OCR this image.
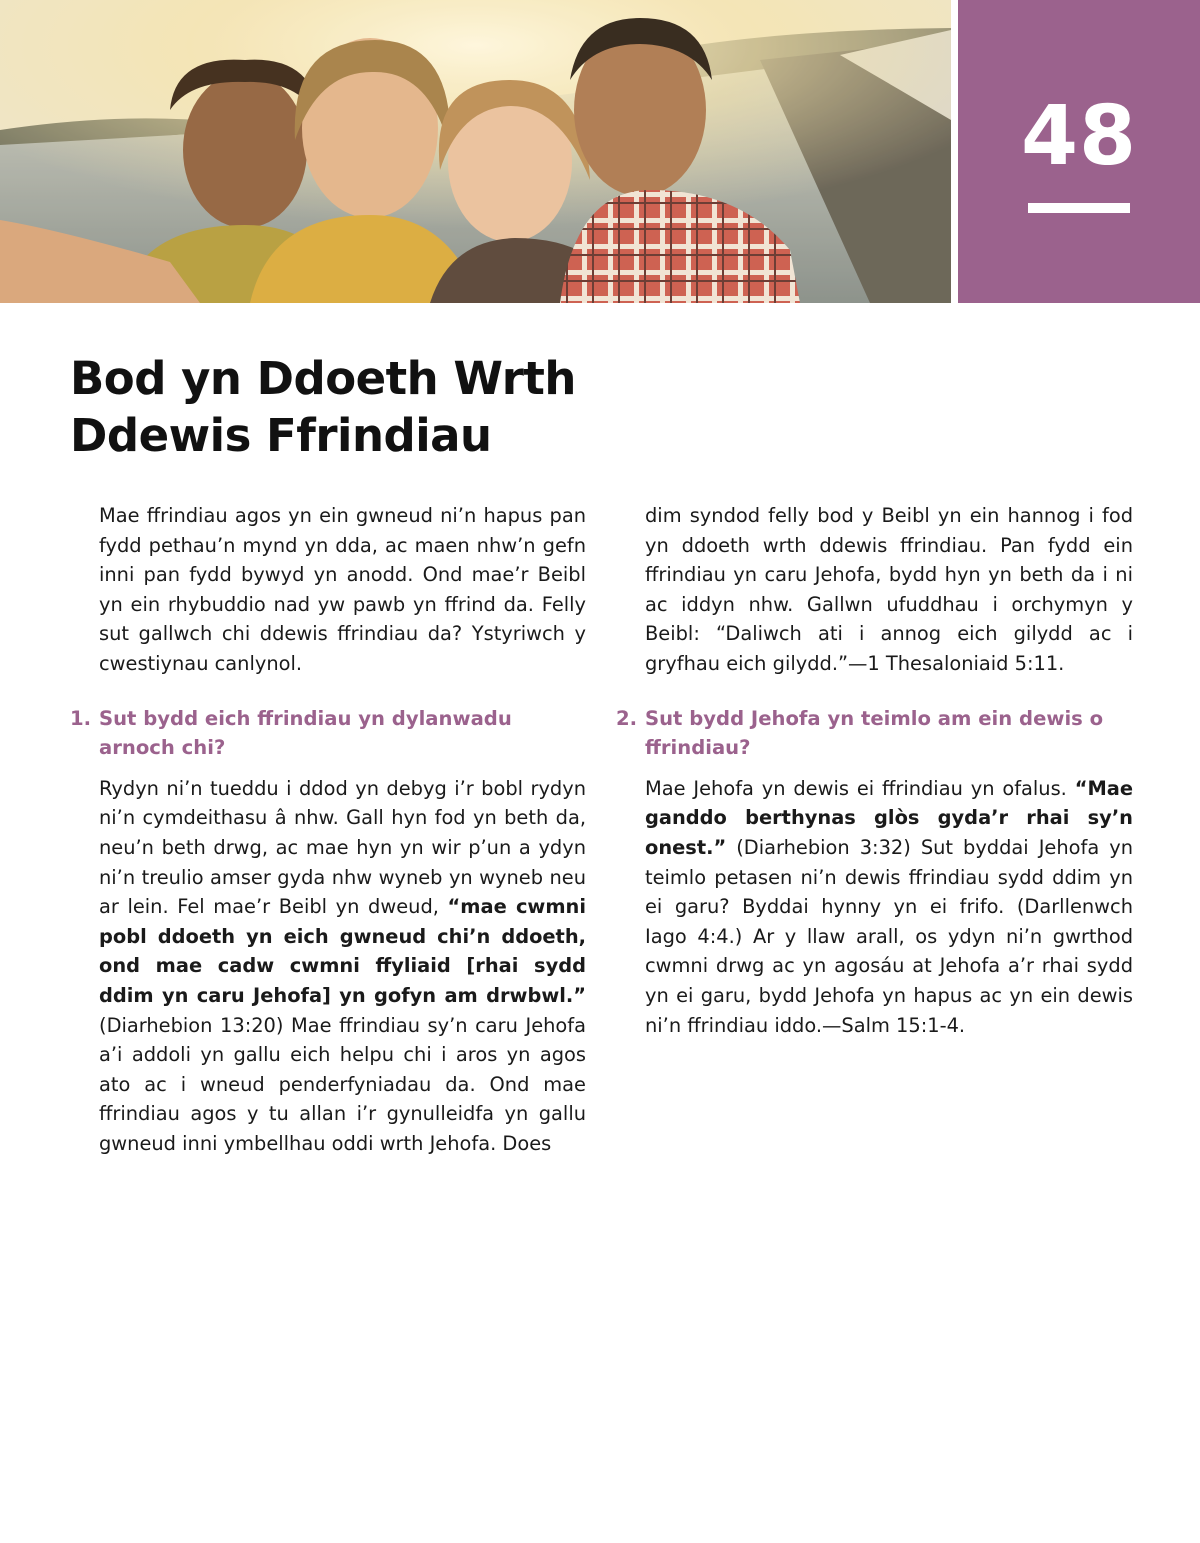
48
Bod yn Ddoeth Wrth
Ddewis Ffrindiau

Mae ffrindiau agos yn ein gwneud ni’n hapus pan fydd pethau’n mynd yn dda, ac maen nhw’n gefn inni pan fydd bywyd yn anodd. Ond mae’r Beibl yn ein rhybuddio nad yw pawb yn ffrind da. Felly sut gallwch chi ddewis ffrindiau da? Ystyriwch y cwestiynau canlynol.

1. Sut bydd eich ffrindiau yn dylanwadu arnoch chi?

Rydyn ni’n tueddu i ddod yn debyg i’r bobl rydyn ni’n cymdeithasu â nhw. Gall hyn fod yn beth da, neu’n beth drwg, ac mae hyn yn wir p’un a ydyn ni’n treulio amser gyda nhw wyneb yn wyneb neu ar lein. Fel mae’r Beibl yn dweud, “mae cwmni pobl ddoeth yn eich gwneud chi’n ddoeth, ond mae cadw cwmni ffyliaid [rhai sydd ddim yn caru Jehofa] yn gofyn am drwbwl.” (Diarhebion 13:20) Mae ffrindiau sy’n caru Jehofa a’i addoli yn gallu eich helpu chi i aros yn agos ato ac i wneud penderfyniadau da. Ond mae ffrindiau agos y tu allan i’r gynulleidfa yn gallu gwneud inni ymbellhau oddi wrth Jehofa. Does

dim syndod felly bod y Beibl yn ein hannog i fod yn ddoeth wrth ddewis ffrindiau. Pan fydd ein ffrindiau yn caru Jehofa, bydd hyn yn beth da i ni ac iddyn nhw. Gallwn ufuddhau i orchymyn y Beibl: “Daliwch ati i annog eich gilydd ac i gryfhau eich gilydd.”—1 Thesaloniaid 5:11.

2. Sut bydd Jehofa yn teimlo am ein dewis o ffrindiau?

Mae Jehofa yn dewis ei ffrindiau yn ofalus. “Mae ganddo berthynas glòs gyda’r rhai sy’n onest.” (Diarhebion 3:32) Sut byddai Jehofa yn teimlo petasen ni’n dewis ffrindiau sydd ddim yn ei garu? Byddai hynny yn ei frifo. (Darllenwch Iago 4:4.) Ar y llaw arall, os ydyn ni’n gwrthod cwmni drwg ac yn agosáu at Jehofa a’r rhai sydd yn ei garu, bydd Jehofa yn hapus ac yn ein dewis ni’n ffrindiau iddo.—Salm 15:1-4.
